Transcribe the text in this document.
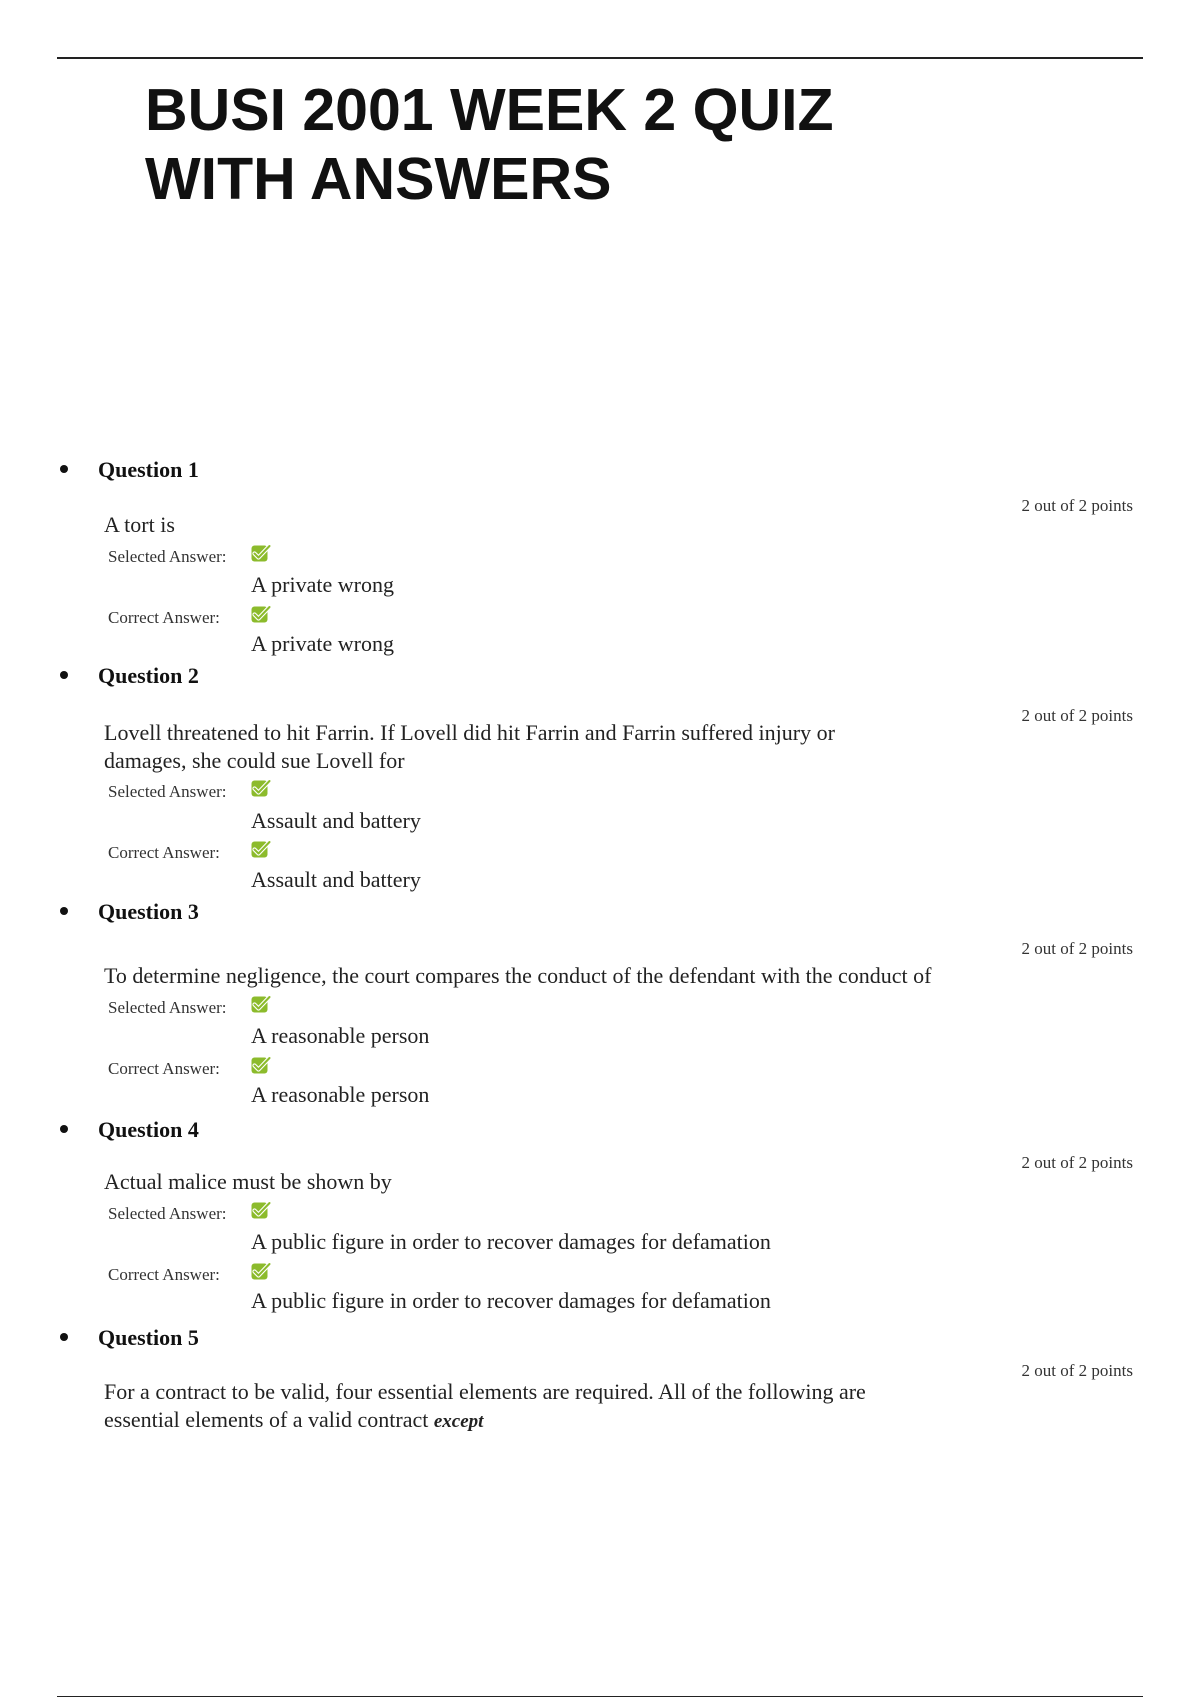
BUSI 2001 WEEK 2 QUIZ
WITH ANSWERS
Question 1
2 out of 2 points
A tort is
Selected Answer:
A private wrong
Correct Answer:
A private wrong
Question 2
2 out of 2 points
Lovell threatened to hit Farrin. If Lovell did hit Farrin and Farrin suffered injury or
damages, she could sue Lovell for
Selected Answer:
Assault and battery
Correct Answer:
Assault and battery
Question 3
2 out of 2 points
To determine negligence, the court compares the conduct of the defendant with the conduct of
Selected Answer:
A reasonable person
Correct Answer:
A reasonable person
Question 4
2 out of 2 points
Actual malice must be shown by
Selected Answer:
A public figure in order to recover damages for defamation
Correct Answer:
A public figure in order to recover damages for defamation
Question 5
2 out of 2 points
For a contract to be valid, four essential elements are required. All of the following are
essential elements of a valid contract except
